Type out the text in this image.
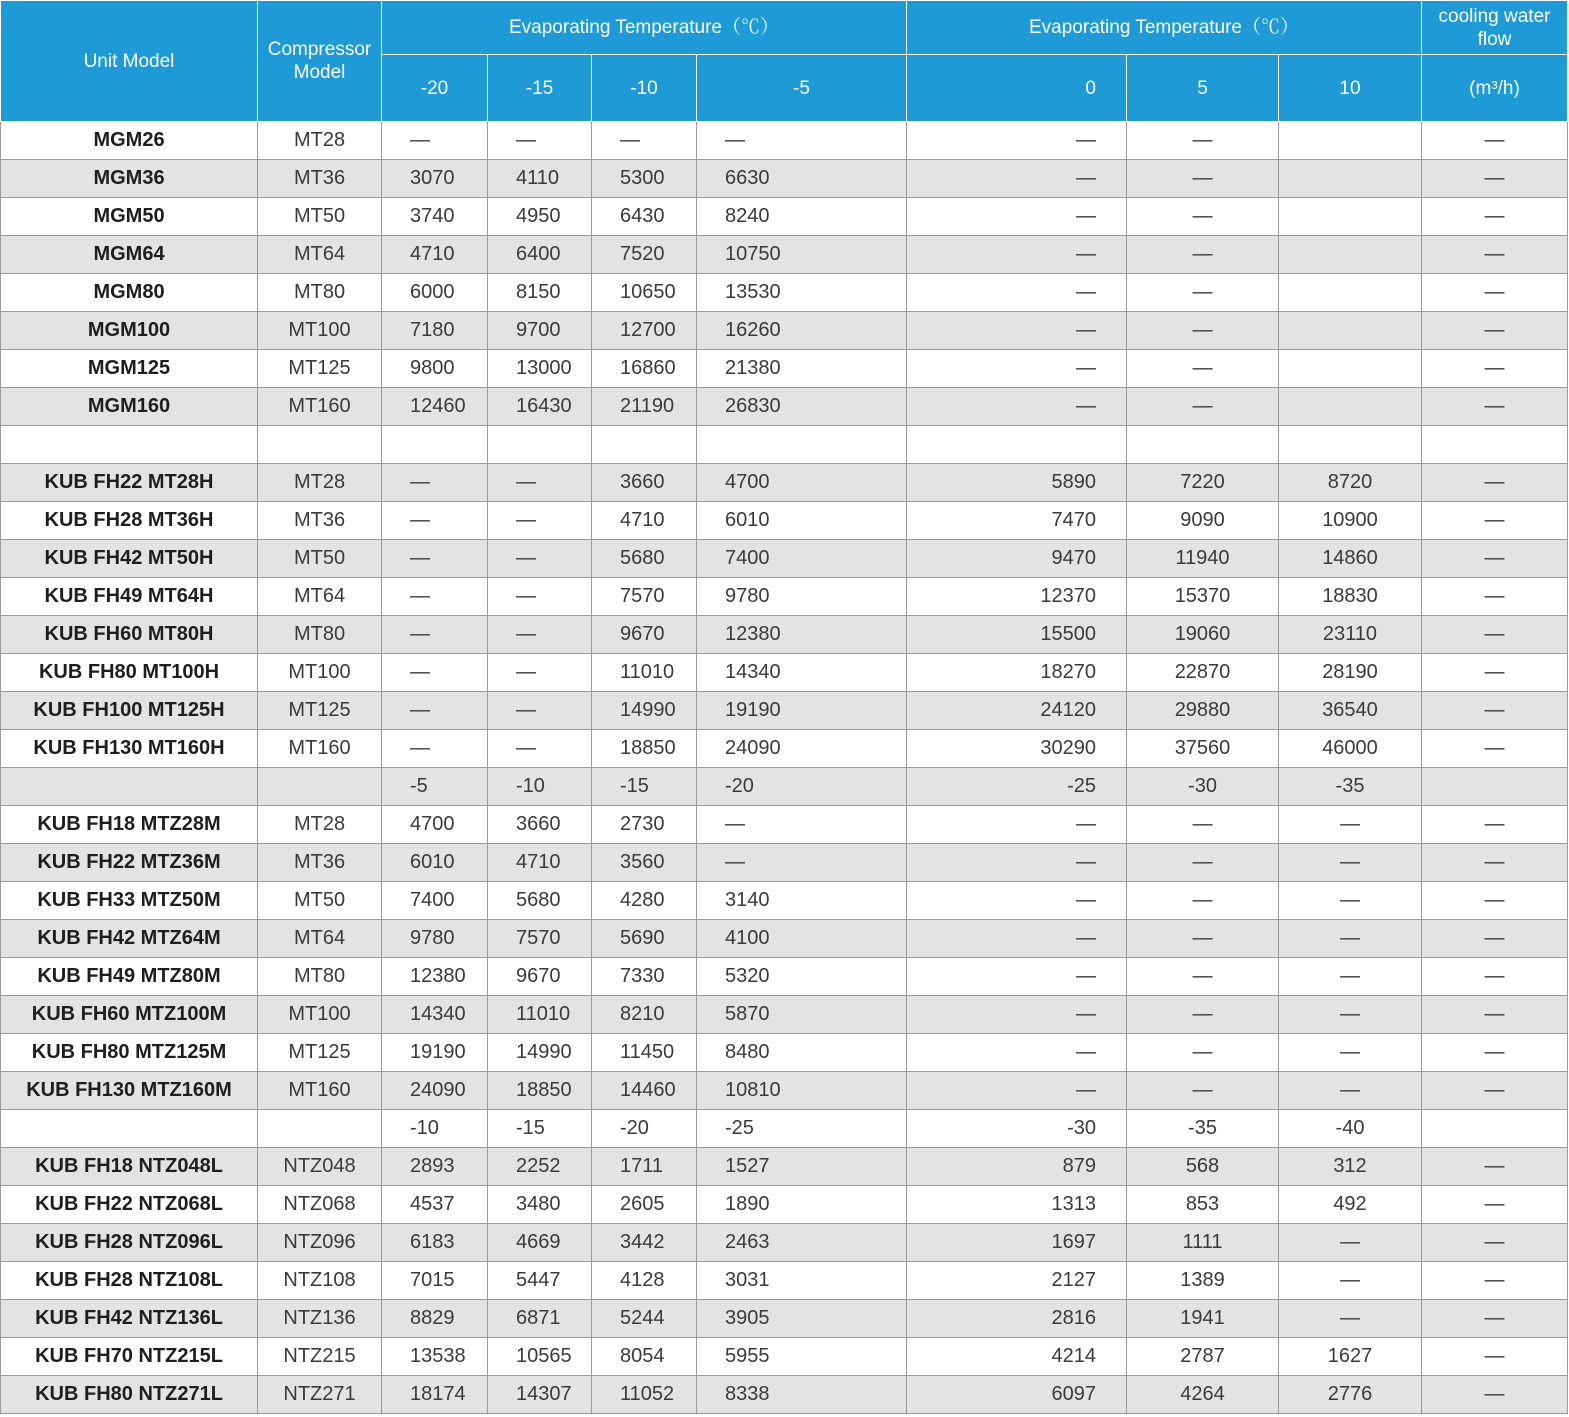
Unit Model	Compressor Model	Evaporating Temperature（℃）				Evaporating Temperature（℃）			cooling water flow
		-20	-15	-10	-5	0	5	10	(m³/h)
MGM26	MT28	—	—	—	—	—	—		—
MGM36	MT36	3070	4110	5300	6630	—	—		—
MGM50	MT50	3740	4950	6430	8240	—	—		—
MGM64	MT64	4710	6400	7520	10750	—	—		—
MGM80	MT80	6000	8150	10650	13530	—	—		—
MGM100	MT100	7180	9700	12700	16260	—	—		—
MGM125	MT125	9800	13000	16860	21380	—	—		—
MGM160	MT160	12460	16430	21190	26830	—	—		—

KUB FH22 MT28H	MT28	—	—	3660	4700	5890	7220	8720	—
KUB FH28 MT36H	MT36	—	—	4710	6010	7470	9090	10900	—
KUB FH42 MT50H	MT50	—	—	5680	7400	9470	11940	14860	—
KUB FH49 MT64H	MT64	—	—	7570	9780	12370	15370	18830	—
KUB FH60 MT80H	MT80	—	—	9670	12380	15500	19060	23110	—
KUB FH80 MT100H	MT100	—	—	11010	14340	18270	22870	28190	—
KUB FH100 MT125H	MT125	—	—	14990	19190	24120	29880	36540	—
KUB FH130 MT160H	MT160	—	—	18850	24090	30290	37560	46000	—
		-5	-10	-15	-20	-25	-30	-35	
KUB FH18 MTZ28M	MT28	4700	3660	2730	—	—	—	—	—
KUB FH22 MTZ36M	MT36	6010	4710	3560	—	—	—	—	—
KUB FH33 MTZ50M	MT50	7400	5680	4280	3140	—	—	—	—
KUB FH42 MTZ64M	MT64	9780	7570	5690	4100	—	—	—	—
KUB FH49 MTZ80M	MT80	12380	9670	7330	5320	—	—	—	—
KUB FH60 MTZ100M	MT100	14340	11010	8210	5870	—	—	—	—
KUB FH80 MTZ125M	MT125	19190	14990	11450	8480	—	—	—	—
KUB FH130 MTZ160M	MT160	24090	18850	14460	10810	—	—	—	—
		-10	-15	-20	-25	-30	-35	-40	
KUB FH18 NTZ048L	NTZ048	2893	2252	1711	1527	879	568	312	—
KUB FH22 NTZ068L	NTZ068	4537	3480	2605	1890	1313	853	492	—
KUB FH28 NTZ096L	NTZ096	6183	4669	3442	2463	1697	1111	—	—
KUB FH28 NTZ108L	NTZ108	7015	5447	4128	3031	2127	1389	—	—
KUB FH42 NTZ136L	NTZ136	8829	6871	5244	3905	2816	1941	—	—
KUB FH70 NTZ215L	NTZ215	13538	10565	8054	5955	4214	2787	1627	—
KUB FH80 NTZ271L	NTZ271	18174	14307	11052	8338	6097	4264	2776	—
